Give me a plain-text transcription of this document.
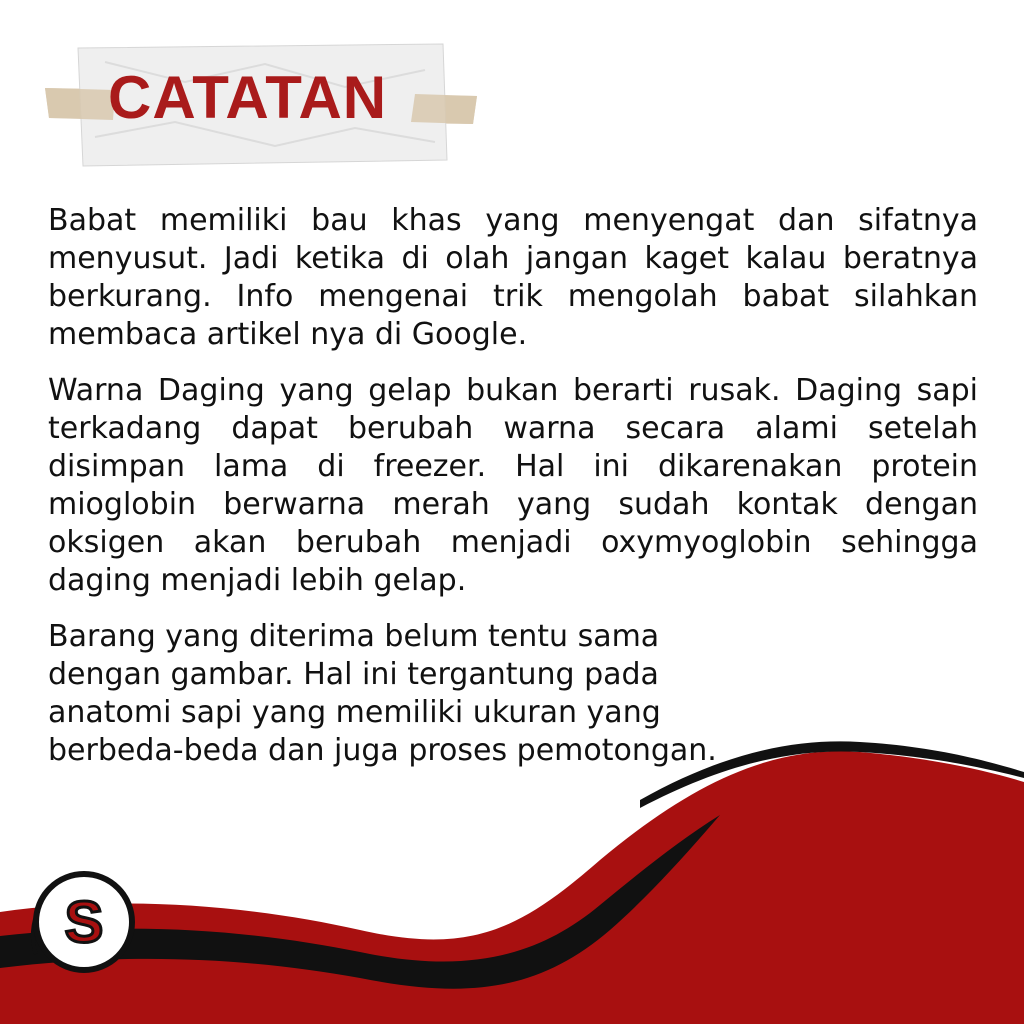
CATATAN

Babat memiliki bau khas yang menyengat dan sifatnya menyusut. Jadi ketika di olah jangan kaget kalau beratnya berkurang. Info mengenai trik mengolah babat silahkan membaca artikel nya di Google.

Warna Daging yang gelap bukan berarti rusak. Daging sapi terkadang dapat berubah warna secara alami setelah disimpan lama di freezer. Hal ini dikarenakan protein mioglobin berwarna merah yang sudah kontak dengan oksigen akan berubah menjadi oxymyoglobin sehingga daging menjadi lebih gelap.

Barang yang diterima belum tentu sama dengan gambar. Hal ini tergantung pada anatomi sapi yang memiliki ukuran yang berbeda-beda dan juga proses pemotongan.

S
